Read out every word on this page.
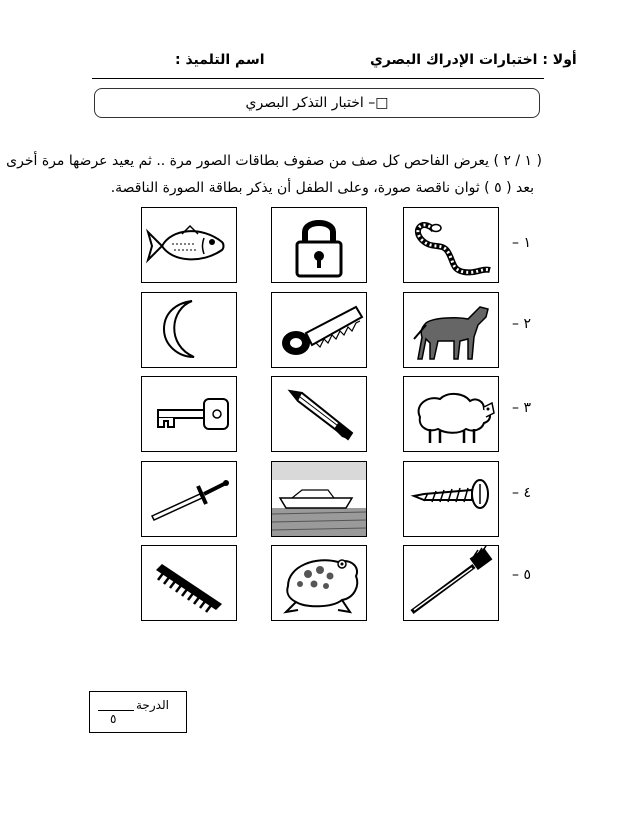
أولا : اختبارات الإدراك البصري
اسم التلميذ :
□– اختبار التذكر البصري
( ١ / ٢ ) يعرض الفاحص كل صف من صفوف بطاقات الصور مرة .. ثم يعيد عرضها مرة أخرى
بعد ( ٥ ) ثوان ناقصة صورة، وعلى الطفل أن يذكر بطاقة الصورة الناقصة.
١ –
٢ –
٣ –
٤ –
٥ –
الدرجة
٥
